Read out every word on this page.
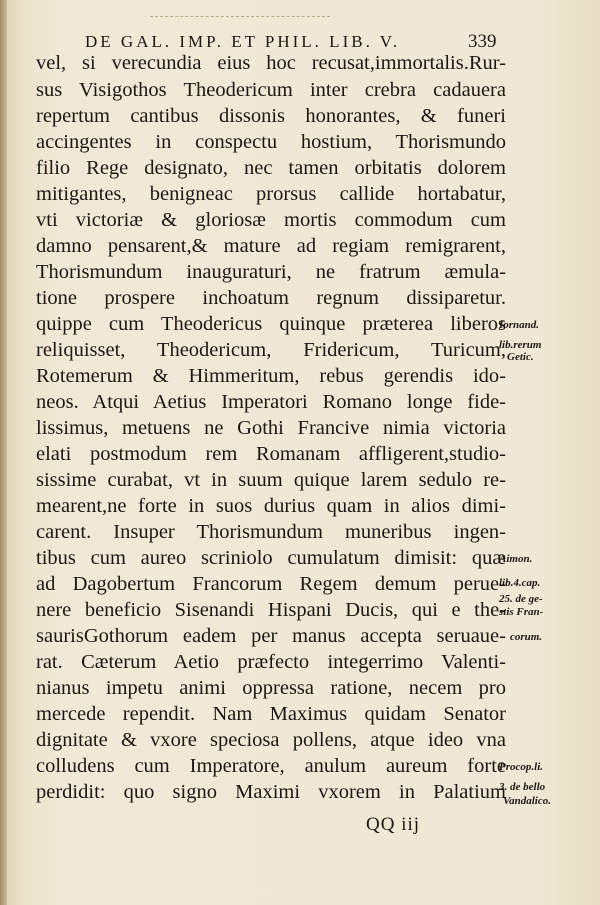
DE GAL. IMP. ET PHIL. LIB. V.	339
vel, si verecundia eius hoc recusat,immortalis.Rur-
sus Visigothos Theodericum inter crebra cadauera
repertum cantibus dissonis honorantes, & funeri
accingentes in conspectu hostium, Thorismundo
filio Rege designato, nec tamen orbitatis dolorem
mitigantes, benigneac prorsus callide hortabatur,
vti victoriæ & gloriosæ mortis commodum cum
damno pensarent,& mature ad regiam remigrarent,
Thorismundum inauguraturi, ne fratrum æmula-
tione prospere inchoatum regnum dissiparetur.
quippe cum Theodericus quinque præterea liberos
reliquisset, Theodericum, Fridericum, Turicum,
Rotemerum & Himmeritum, rebus gerendis ido-
neos. Atqui Aetius Imperatori Romano longe fide-
lissimus, metuens ne Gothi Francive nimia victoria
elati postmodum rem Romanam affligerent,studio-
sissime curabat, vt in suum quique larem sedulo re-
mearent,ne forte in suos durius quam in alios dimi-
carent. Insuper Thorismundum muneribus ingen-
tibus cum aureo scriniolo cumulatum dimisit: quæ
ad Dagobertum Francorum Regem demum perue-
nere beneficio Sisenandi Hispani Ducis, qui e the-
saurisGothorum eadem per manus accepta seruaue-
rat. Cæterum Aetio præfecto integerrimo Valenti-
nianus impetu animi oppressa ratione, necem pro
mercede rependit. Nam Maximus quidam Senator
dignitate & vxore speciosa pollens, atque ideo vna
colludens cum Imperatore, anulum aureum forte
perdidit: quo signo Maximi vxorem in Palatium
Iornand.
lib.rerum
Getic.
Aimon.
lib.4.cap.
25. de ge-
stis Fran-
corum.
Procop.li.
3. de bello
Vandalico.
QQ iij
